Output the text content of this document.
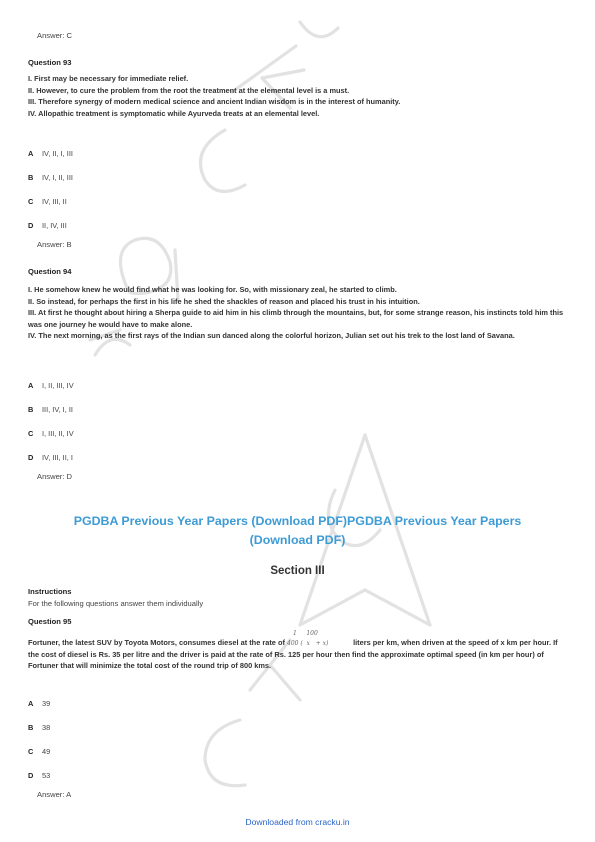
Answer: C
Question 93
I. First may be necessary for immediate relief.
II. However, to cure the problem from the root the treatment at the elemental level is a must.
III. Therefore synergy of modern medical science and ancient Indian wisdom is in the interest of humanity.
IV. Allopathic treatment is symptomatic while Ayurveda treats at an elemental level.
A IV, II, I, III
B IV, I, II, III
C IV, III, II
D II, IV, III
Answer: B
Question 94
I. He somehow knew he would find what he was looking for. So, with missionary zeal, he started to climb.
II. So instead, for perhaps the first in his life he shed the shackles of reason and placed his trust in his intuition.
III. At first he thought about hiring a Sherpa guide to aid him in his climb through the mountains, but, for some strange reason, his instincts told him this was one journey he would have to make alone.
IV. The next morning, as the first rays of the Indian sun danced along the colorful horizon, Julian set out his trek to the lost land of Savana.
A I, II, III, IV
B III, IV, I, II
C I, III, II, IV
D IV, III, II, I
Answer: D
PGDBA Previous Year Papers (Download PDF)PGDBA Previous Year Papers
(Download PDF)
Section III
Instructions
For the following questions answer them individually
Question 95
Fortuner, the latest SUV by Toyota Motors, consumes diesel at the rate of
1     100
400 (  x   + x)	liters per km, when driven at the speed of x km per hour. If the cost of diesel is Rs. 35 per litre and the driver is paid at the rate of Rs. 125 per hour then find the approximate optimal speed (in km per hour) of Fortuner that will minimize the total cost of the round trip of 800 kms.
A 39
B 38
C 49
D 53
Answer: A
Downloaded from cracku.in
